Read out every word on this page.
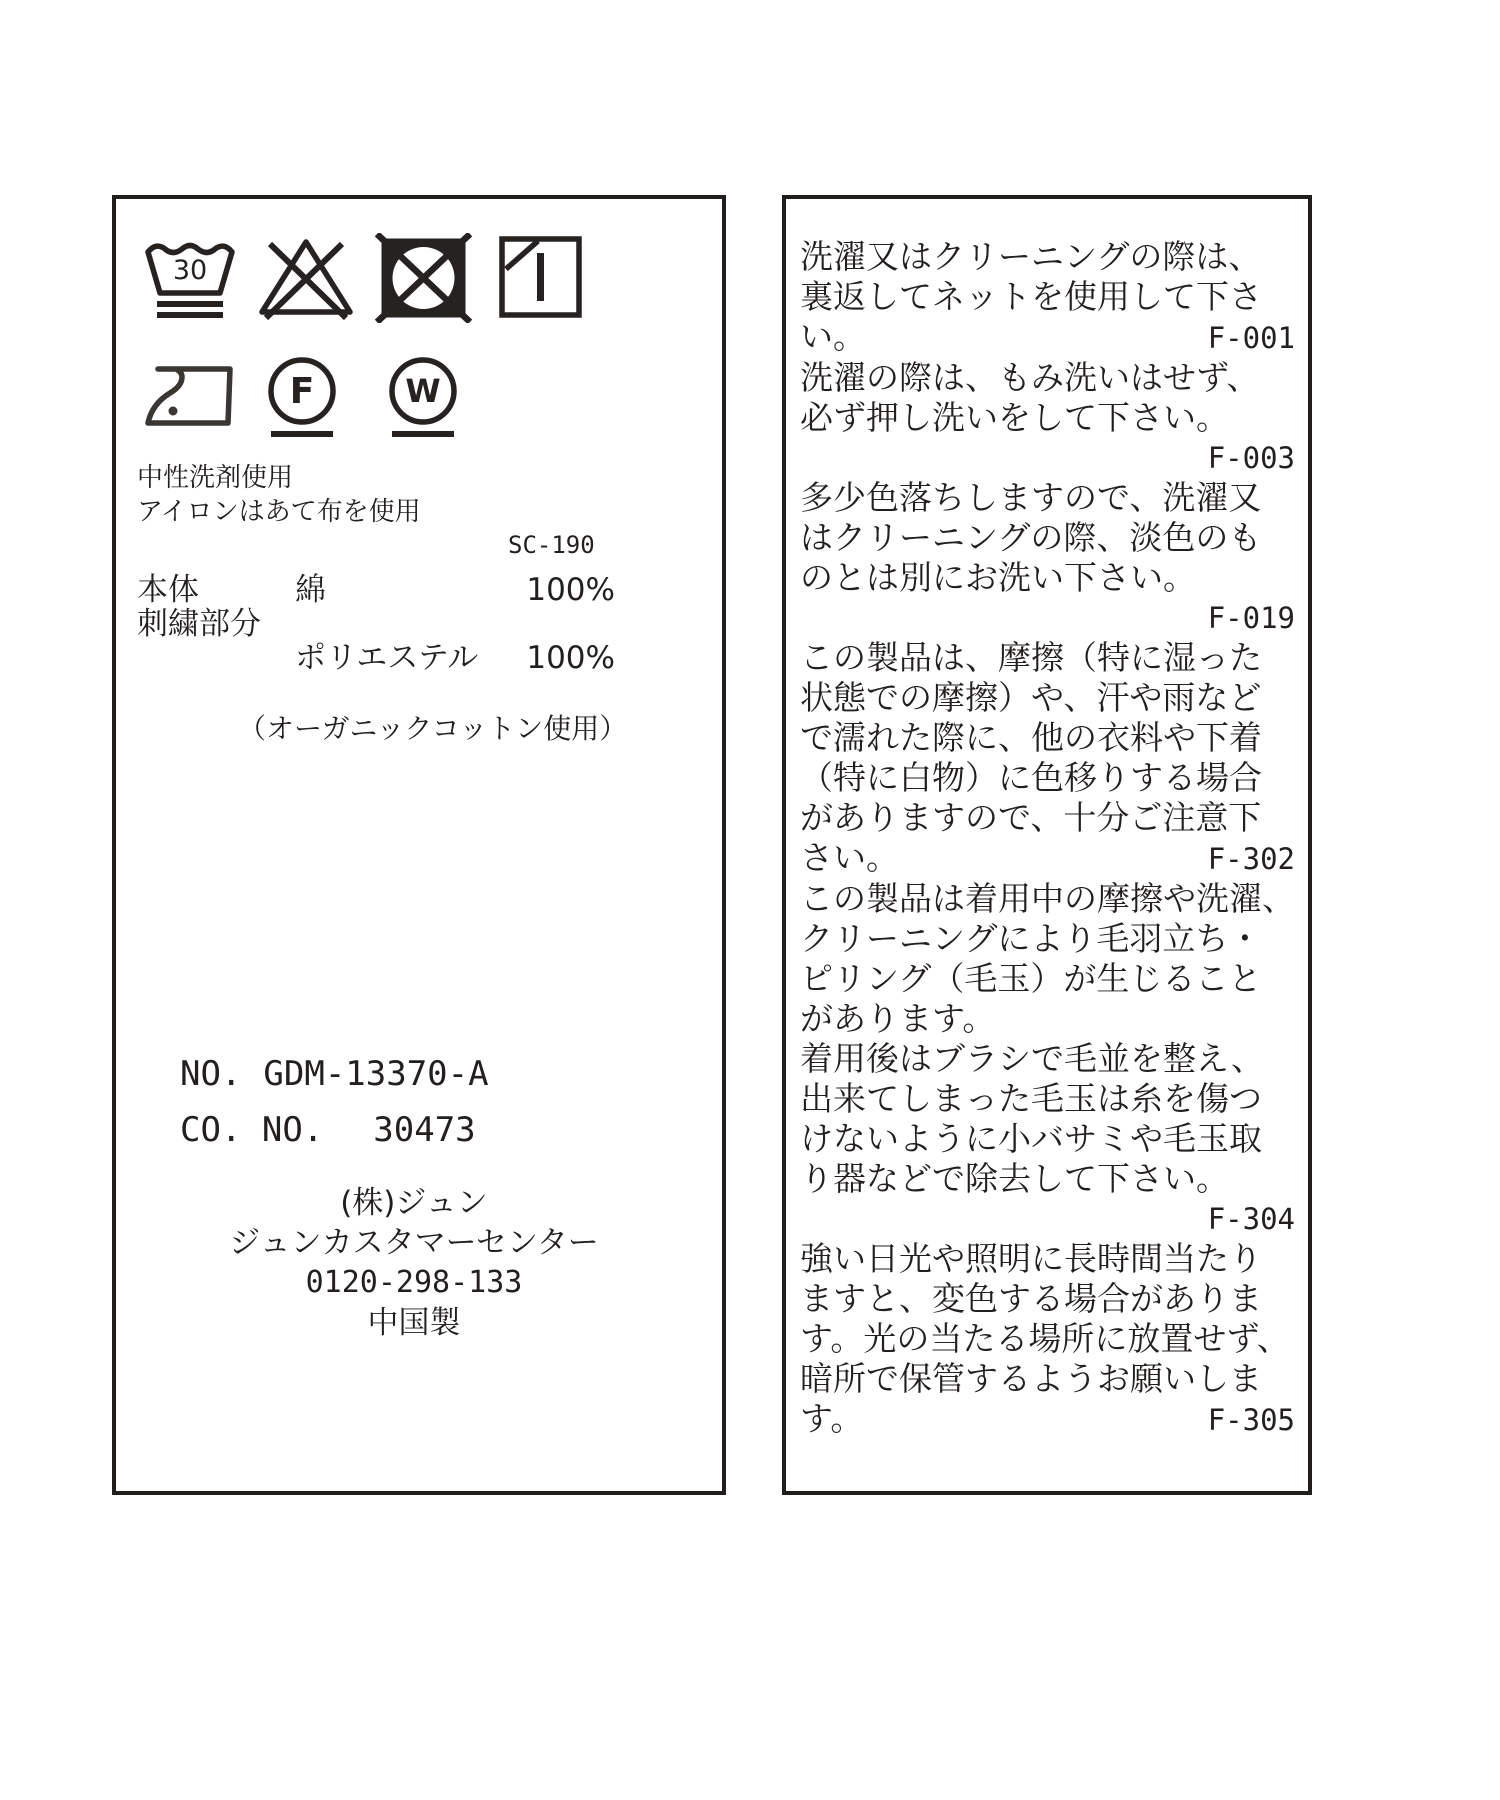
30
F	W
中性洗剤使用
アイロンはあて布を使用
SC-190
本体	綿	100%
刺繍部分
ポリエステル	100%
（オーガニックコットン使用）
NO. GDM-13370-A
CO. NO. 30473
(株)ジュン
ジュンカスタマーセンター
0120-298-133
中国製
洗濯又はクリーニングの際は、
裏返してネットを使用して下さ
い。	F-001
洗濯の際は、もみ洗いはせず、
必ず押し洗いをして下さい。
F-003
多少色落ちしますので、洗濯又
はクリーニングの際、淡色のも
のとは別にお洗い下さい。
F-019
この製品は、摩擦（特に湿った
状態での摩擦）や、汗や雨など
で濡れた際に、他の衣料や下着
（特に白物）に色移りする場合
がありますので、十分ご注意下
さい。	F-302
この製品は着用中の摩擦や洗濯、
クリーニングにより毛羽立ち・
ピリング（毛玉）が生じること
があります。
着用後はブラシで毛並を整え、
出来てしまった毛玉は糸を傷つ
けないように小バサミや毛玉取
り器などで除去して下さい。
F-304
強い日光や照明に長時間当たり
ますと、変色する場合がありま
す。光の当たる場所に放置せず、
暗所で保管するようお願いしま
す。	F-305
